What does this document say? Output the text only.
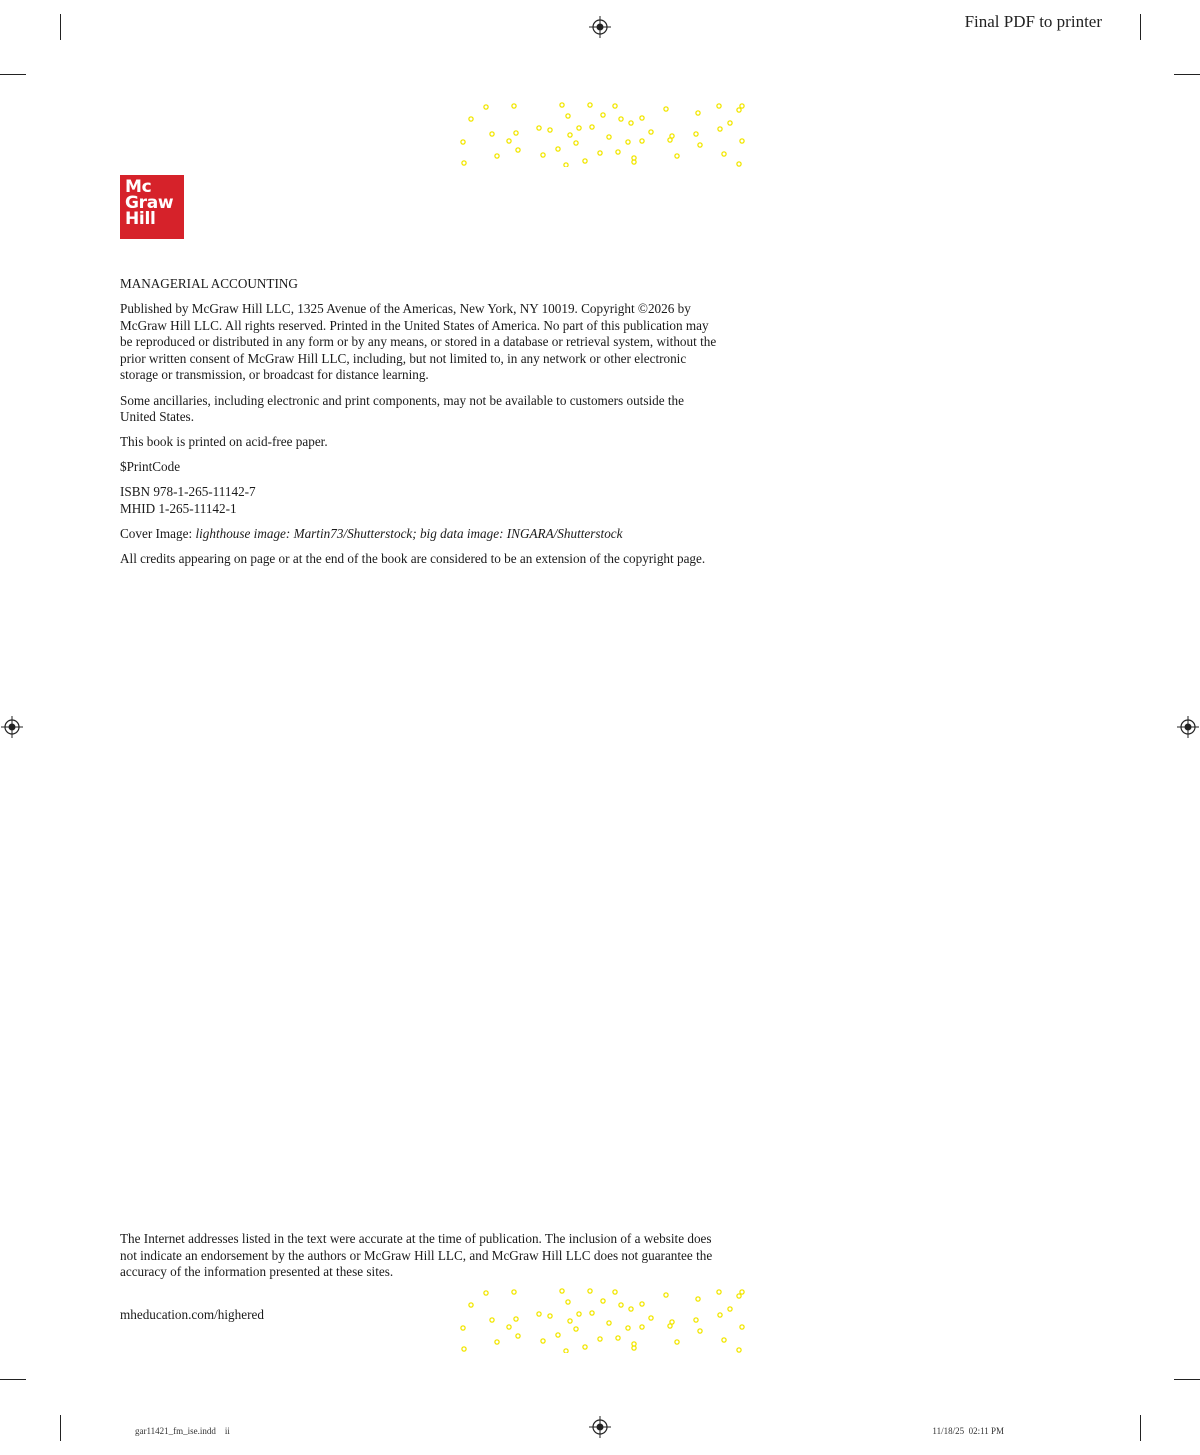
Final PDF to printer
Mc
Graw
Hill

MANAGERIAL ACCOUNTING

Published by McGraw Hill LLC, 1325 Avenue of the Americas, New York, NY 10019. Copyright ©2026 by McGraw Hill LLC. All rights reserved. Printed in the United States of America. No part of this publication may be reproduced or distributed in any form or by any means, or stored in a database or retrieval system, without the prior written consent of McGraw Hill LLC, including, but not limited to, in any network or other electronic storage or transmission, or broadcast for distance learning.

Some ancillaries, including electronic and print components, may not be available to customers outside the United States.

This book is printed on acid-free paper.

$PrintCode

ISBN 978-1-265-11142-7
MHID 1-265-11142-1

Cover Image: lighthouse image: Martin73/Shutterstock; big data image: INGARA/Shutterstock

All credits appearing on page or at the end of the book are considered to be an extension of the copyright page.

The Internet addresses listed in the text were accurate at the time of publication. The inclusion of a website does not indicate an endorsement by the authors or McGraw Hill LLC, and McGraw Hill LLC does not guarantee the accuracy of the information presented at these sites.

mheducation.com/highered
gar11421_fm_ise.indd    ii	11/18/25  02:11 PM
